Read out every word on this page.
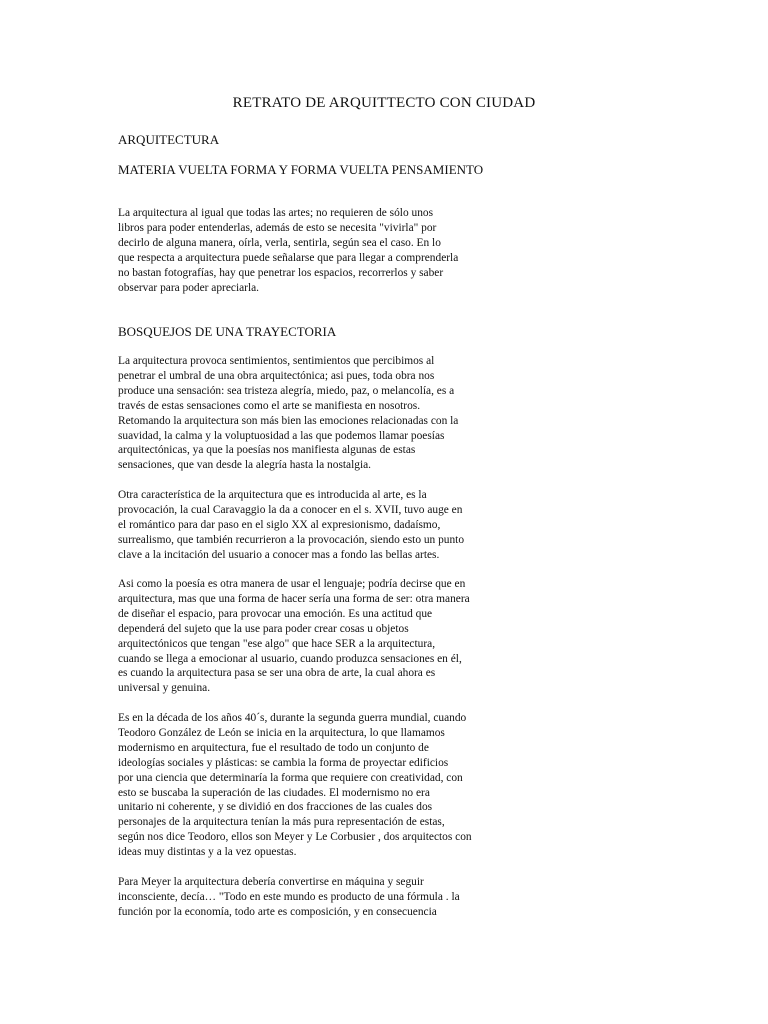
RETRATO DE ARQUITTECTO CON CIUDAD
ARQUITECTURA
MATERIA VUELTA FORMA Y FORMA VUELTA PENSAMIENTO

La arquitectura al igual que todas las artes; no requieren de sólo unos
libros para poder entenderlas, además de esto se necesita "vivirla" por
decirlo de alguna manera, oírla, verla, sentirla, según sea el caso. En lo
que respecta a arquitectura puede señalarse que para llegar a comprenderla
no bastan fotografías, hay que penetrar los espacios, recorrerlos y saber
observar para poder apreciarla.

BOSQUEJOS DE UNA TRAYECTORIA

La arquitectura provoca sentimientos, sentimientos que percibimos al
penetrar el umbral de una obra arquitectónica; asi pues, toda obra nos
produce una sensación: sea tristeza alegría, miedo, paz, o melancolía, es a
través de estas sensaciones como el arte se manifiesta en nosotros.
Retomando la arquitectura son más bien las emociones relacionadas con la
suavidad, la calma y la voluptuosidad a las que podemos llamar poesías
arquitectónicas, ya que la poesías nos manifiesta algunas de estas
sensaciones, que van desde la alegría hasta la nostalgia.

Otra característica de la arquitectura que es introducida al arte, es la
provocación, la cual Caravaggio la da a conocer en el s. XVII, tuvo auge en
el romántico para dar paso en el siglo XX al expresionismo, dadaísmo,
surrealismo, que también recurrieron a la provocación, siendo esto un punto
clave a la incitación del usuario a conocer mas a fondo las bellas artes.

Asi como la poesía es otra manera de usar el lenguaje; podría decirse que en
arquitectura, mas que una forma de hacer sería una forma de ser: otra manera
de diseñar el espacio, para provocar una emoción. Es una actitud que
dependerá del sujeto que la use para poder crear cosas u objetos
arquitectónicos que tengan "ese algo" que hace SER a la arquitectura,
cuando se llega a emocionar al usuario, cuando produzca sensaciones en él,
es cuando la arquitectura pasa se ser una obra de arte, la cual ahora es
universal y genuina.

Es en la década de los años 40´s, durante la segunda guerra mundial, cuando
Teodoro González de León se inicia en la arquitectura, lo que llamamos
modernismo en arquitectura, fue el resultado de todo un conjunto de
ideologías sociales y plásticas: se cambia la forma de proyectar edificios
por una ciencia que determinaría la forma que requiere con creatividad, con
esto se buscaba la superación de las ciudades. El modernismo no era
unitario ni coherente, y se dividió en dos fracciones de las cuales dos
personajes de la arquitectura tenían la más pura representación de estas,
según nos dice Teodoro, ellos son Meyer y Le Corbusier , dos arquitectos con
ideas muy distintas y a la vez opuestas.

Para Meyer la arquitectura debería convertirse en máquina y seguir
inconsciente, decía… "Todo en este mundo es producto de una fórmula . la
función por la economía, todo arte es composición, y en consecuencia
